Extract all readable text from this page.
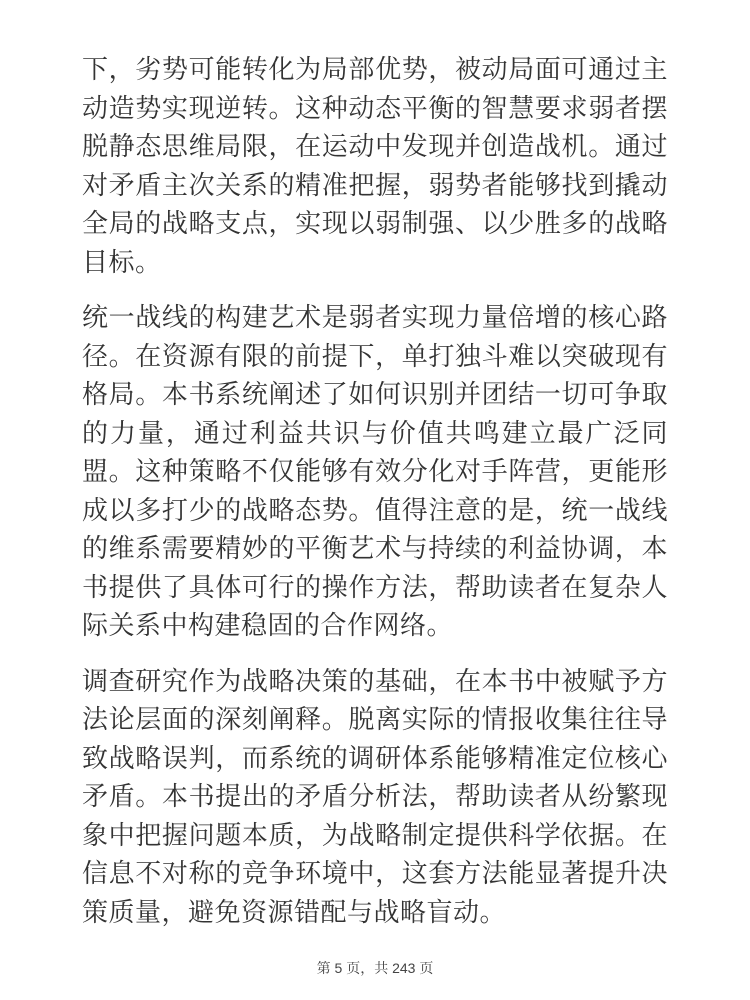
下，劣势可能转化为局部优势，被动局面可通过主动造势实现逆转。这种动态平衡的智慧要求弱者摆脱静态思维局限，在运动中发现并创造战机。通过对矛盾主次关系的精准把握，弱势者能够找到撬动全局的战略支点，实现以弱制强、以少胜多的战略目标。

统一战线的构建艺术是弱者实现力量倍增的核心路径。在资源有限的前提下，单打独斗难以突破现有格局。本书系统阐述了如何识别并团结一切可争取的力量，通过利益共识与价值共鸣建立最广泛同盟。这种策略不仅能够有效分化对手阵营，更能形成以多打少的战略态势。值得注意的是，统一战线的维系需要精妙的平衡艺术与持续的利益协调，本书提供了具体可行的操作方法，帮助读者在复杂人际关系中构建稳固的合作网络。

调查研究作为战略决策的基础，在本书中被赋予方法论层面的深刻阐释。脱离实际的情报收集往往导致战略误判，而系统的调研体系能够精准定位核心矛盾。本书提出的矛盾分析法，帮助读者从纷繁现象中把握问题本质，为战略制定提供科学依据。在信息不对称的竞争环境中，这套方法能显著提升决策质量，避免资源错配与战略盲动。

第 5 页，共 243 页
